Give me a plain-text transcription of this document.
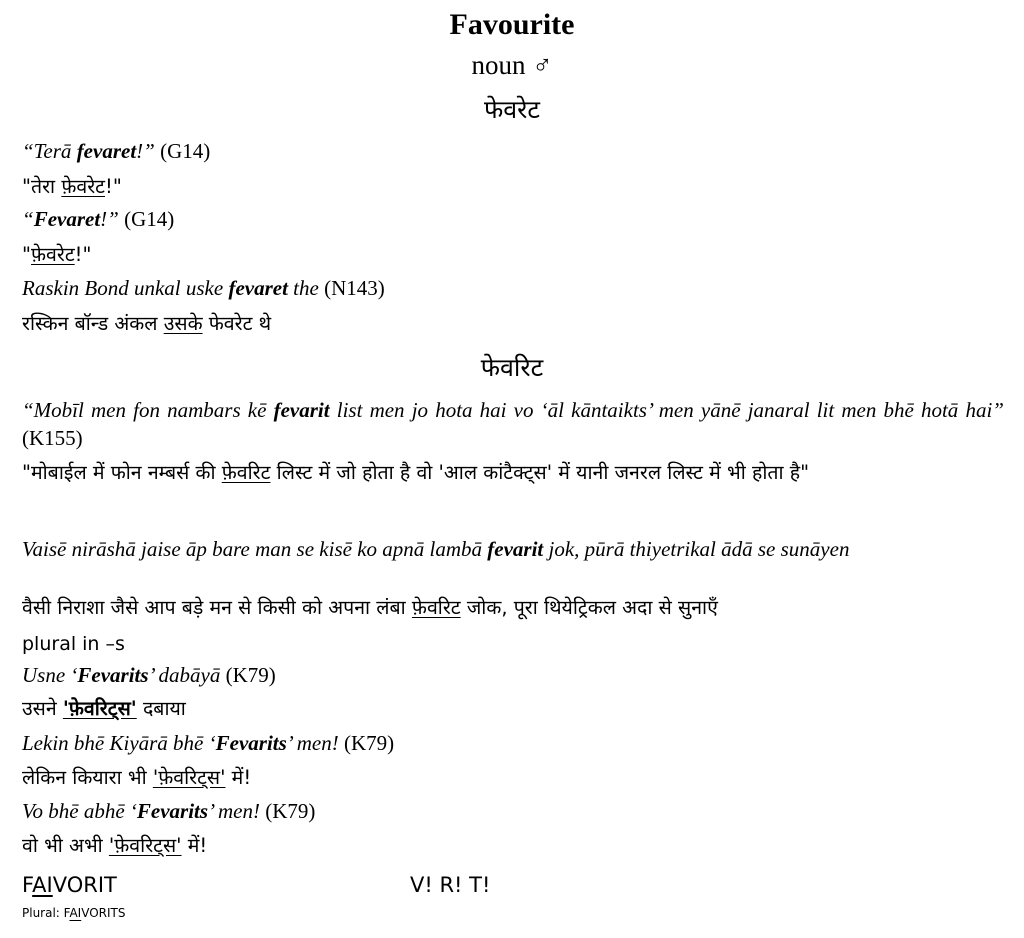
Favourite
noun ♂
फेवरेट
“Terā fevaret!” (G14)
"तेरा फ़ेवरेट!"
“Fevaret!” (G14)
"फ़ेवरेट!"
Raskin Bond unkal uske fevaret the (N143)
रस्किन बॉन्ड अंकल उसके फेवरेट थे
फेवरिट
“Mobīl men fon nambars kē fevarit list men jo hota hai vo ‘āl kāntaikts’ men yānē janaral lit men bhē hotā hai” (K155)
"मोबाईल में फोन नम्बर्स की फ़ेवरिट लिस्ट में जो होता है वो 'आल कांटैक्ट्स' में यानी जनरल लिस्ट में भी होता है"
Vaisē nirāshā jaise āp bare man se kisē ko apnā lambā fevarit jok, pūrā thiyetrikal ādā se sunāyen
वैसी निराशा जैसे आप बड़े मन से किसी को अपना लंबा फ़ेवरिट जोक, पूरा थियेट्रिकल अदा से सुनाएँ
plural in –s
Usne ‘Fevarits’ dabāyā (K79)
उसने 'फ़ेवरिट्स' दबाया
Lekin bhē Kiyārā bhē ‘Fevarits’ men! (K79)
लेकिन कियारा भी 'फ़ेवरिट्स' में!
Vo bhē abhē ‘Fevarits’ men! (K79)
वो भी अभी 'फ़ेवरिट्स' में!
FAIVORIT	V! R! T!
Plural: FAIVORITS
